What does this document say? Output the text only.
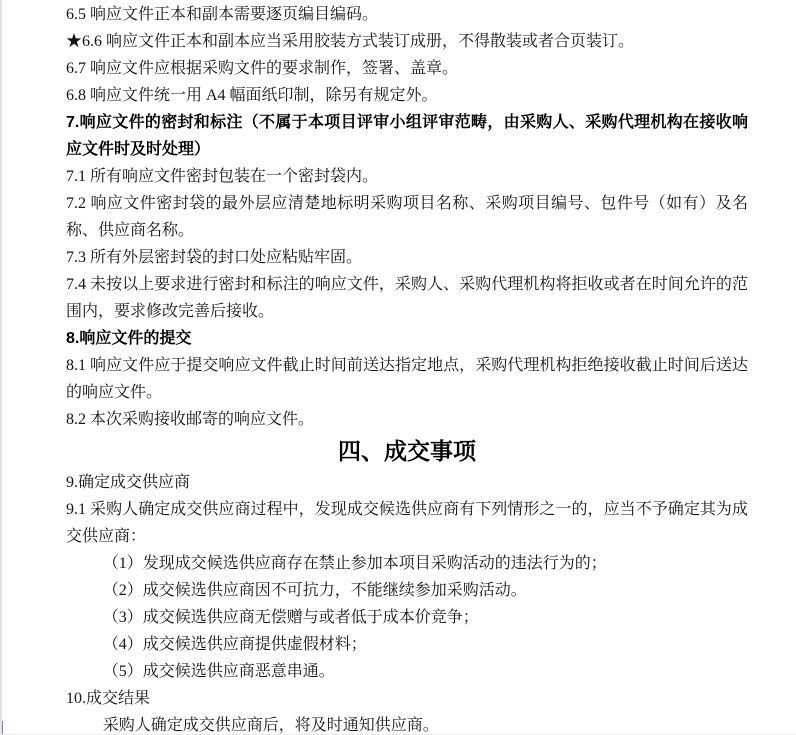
6.5 响应文件正本和副本需要逐页编目编码。

★6.6 响应文件正本和副本应当采用胶装方式装订成册，不得散装或者合页装订。

6.7 响应文件应根据采购文件的要求制作，签署、盖章。

6.8 响应文件统一用 A4 幅面纸印制，除另有规定外。

7.响应文件的密封和标注（不属于本项目评审小组评审范畴，由采购人、采购代理机构在接收响应文件时及时处理）

7.1 所有响应文件密封包装在一个密封袋内。

7.2 响应文件密封袋的最外层应清楚地标明采购项目名称、采购项目编号、包件号（如有）及名称、供应商名称。

7.3 所有外层密封袋的封口处应粘贴牢固。

7.4 未按以上要求进行密封和标注的响应文件，采购人、采购代理机构将拒收或者在时间允许的范围内，要求修改完善后接收。

8.响应文件的提交

8.1 响应文件应于提交响应文件截止时间前送达指定地点，采购代理机构拒绝接收截止时间后送达的响应文件。

8.2 本次采购接收邮寄的响应文件。

四、成交事项

9.确定成交供应商

9.1 采购人确定成交供应商过程中，发现成交候选供应商有下列情形之一的，应当不予确定其为成交供应商：

（1）发现成交候选供应商存在禁止参加本项目采购活动的违法行为的；

（2）成交候选供应商因不可抗力，不能继续参加采购活动。

（3）成交候选供应商无偿赠与或者低于成本价竞争；

（4）成交候选供应商提供虚假材料；

（5）成交候选供应商恶意串通。

10.成交结果

采购人确定成交供应商后，将及时通知供应商。
